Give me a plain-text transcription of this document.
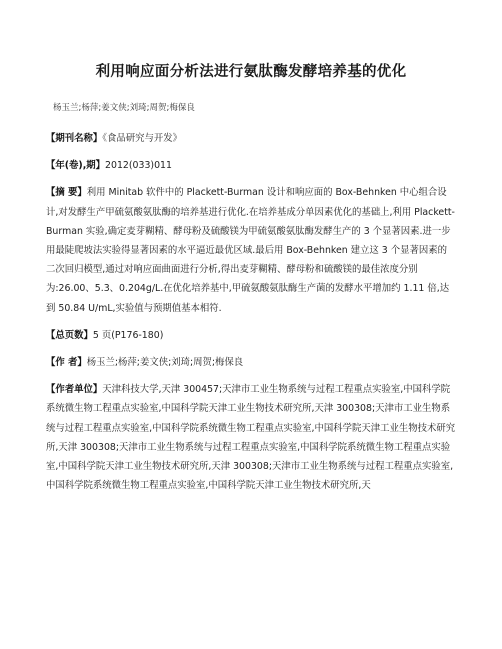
利用响应面分析法进行氨肽酶发酵培养基的优化
杨玉兰;杨萍;姜文侠;刘琦;周贺;梅保良
【期刊名称】《食品研究与开发》
【年(卷),期】2012(033)011
【摘 要】利用 Minitab 软件中的 Plackett-Burman 设计和响应面的 Box-Behnken 中心组合设计,对发酵生产甲硫氨酸氨肽酶的培养基进行优化.在培养基成分单因素优化的基础上,利用 Plackett-Burman 实验,确定麦芽糊精、酵母粉及硫酸镁为甲硫氨酸氨肽酶发酵生产的 3 个显著因素.进一步用最陡爬坡法实验得显著因素的水平逼近最优区域.最后用 Box-Behnken 建立这 3 个显著因素的二次回归模型,通过对响应面曲面进行分析,得出麦芽糊精、酵母粉和硫酸镁的最佳浓度分别为:26.00、5.3、0.204g/L.在优化培养基中,甲硫氨酸氨肽酶生产菌的发酵水平增加约 1.11 倍,达到 50.84 U/mL,实验值与预期值基本相符.
【总页数】5 页(P176-180)
【作 者】杨玉兰;杨萍;姜文侠;刘琦;周贺;梅保良
【作者单位】天津科技大学,天津 300457;天津市工业生物系统与过程工程重点实验室,中国科学院系统微生物工程重点实验室,中国科学院天津工业生物技术研究所,天津 300308;天津市工业生物系统与过程工程重点实验室,中国科学院系统微生物工程重点实验室,中国科学院天津工业生物技术研究所,天津 300308;天津市工业生物系统与过程工程重点实验室,中国科学院系统微生物工程重点实验室,中国科学院天津工业生物技术研究所,天津 300308;天津市工业生物系统与过程工程重点实验室,中国科学院系统微生物工程重点实验室,中国科学院天津工业生物技术研究所,天
